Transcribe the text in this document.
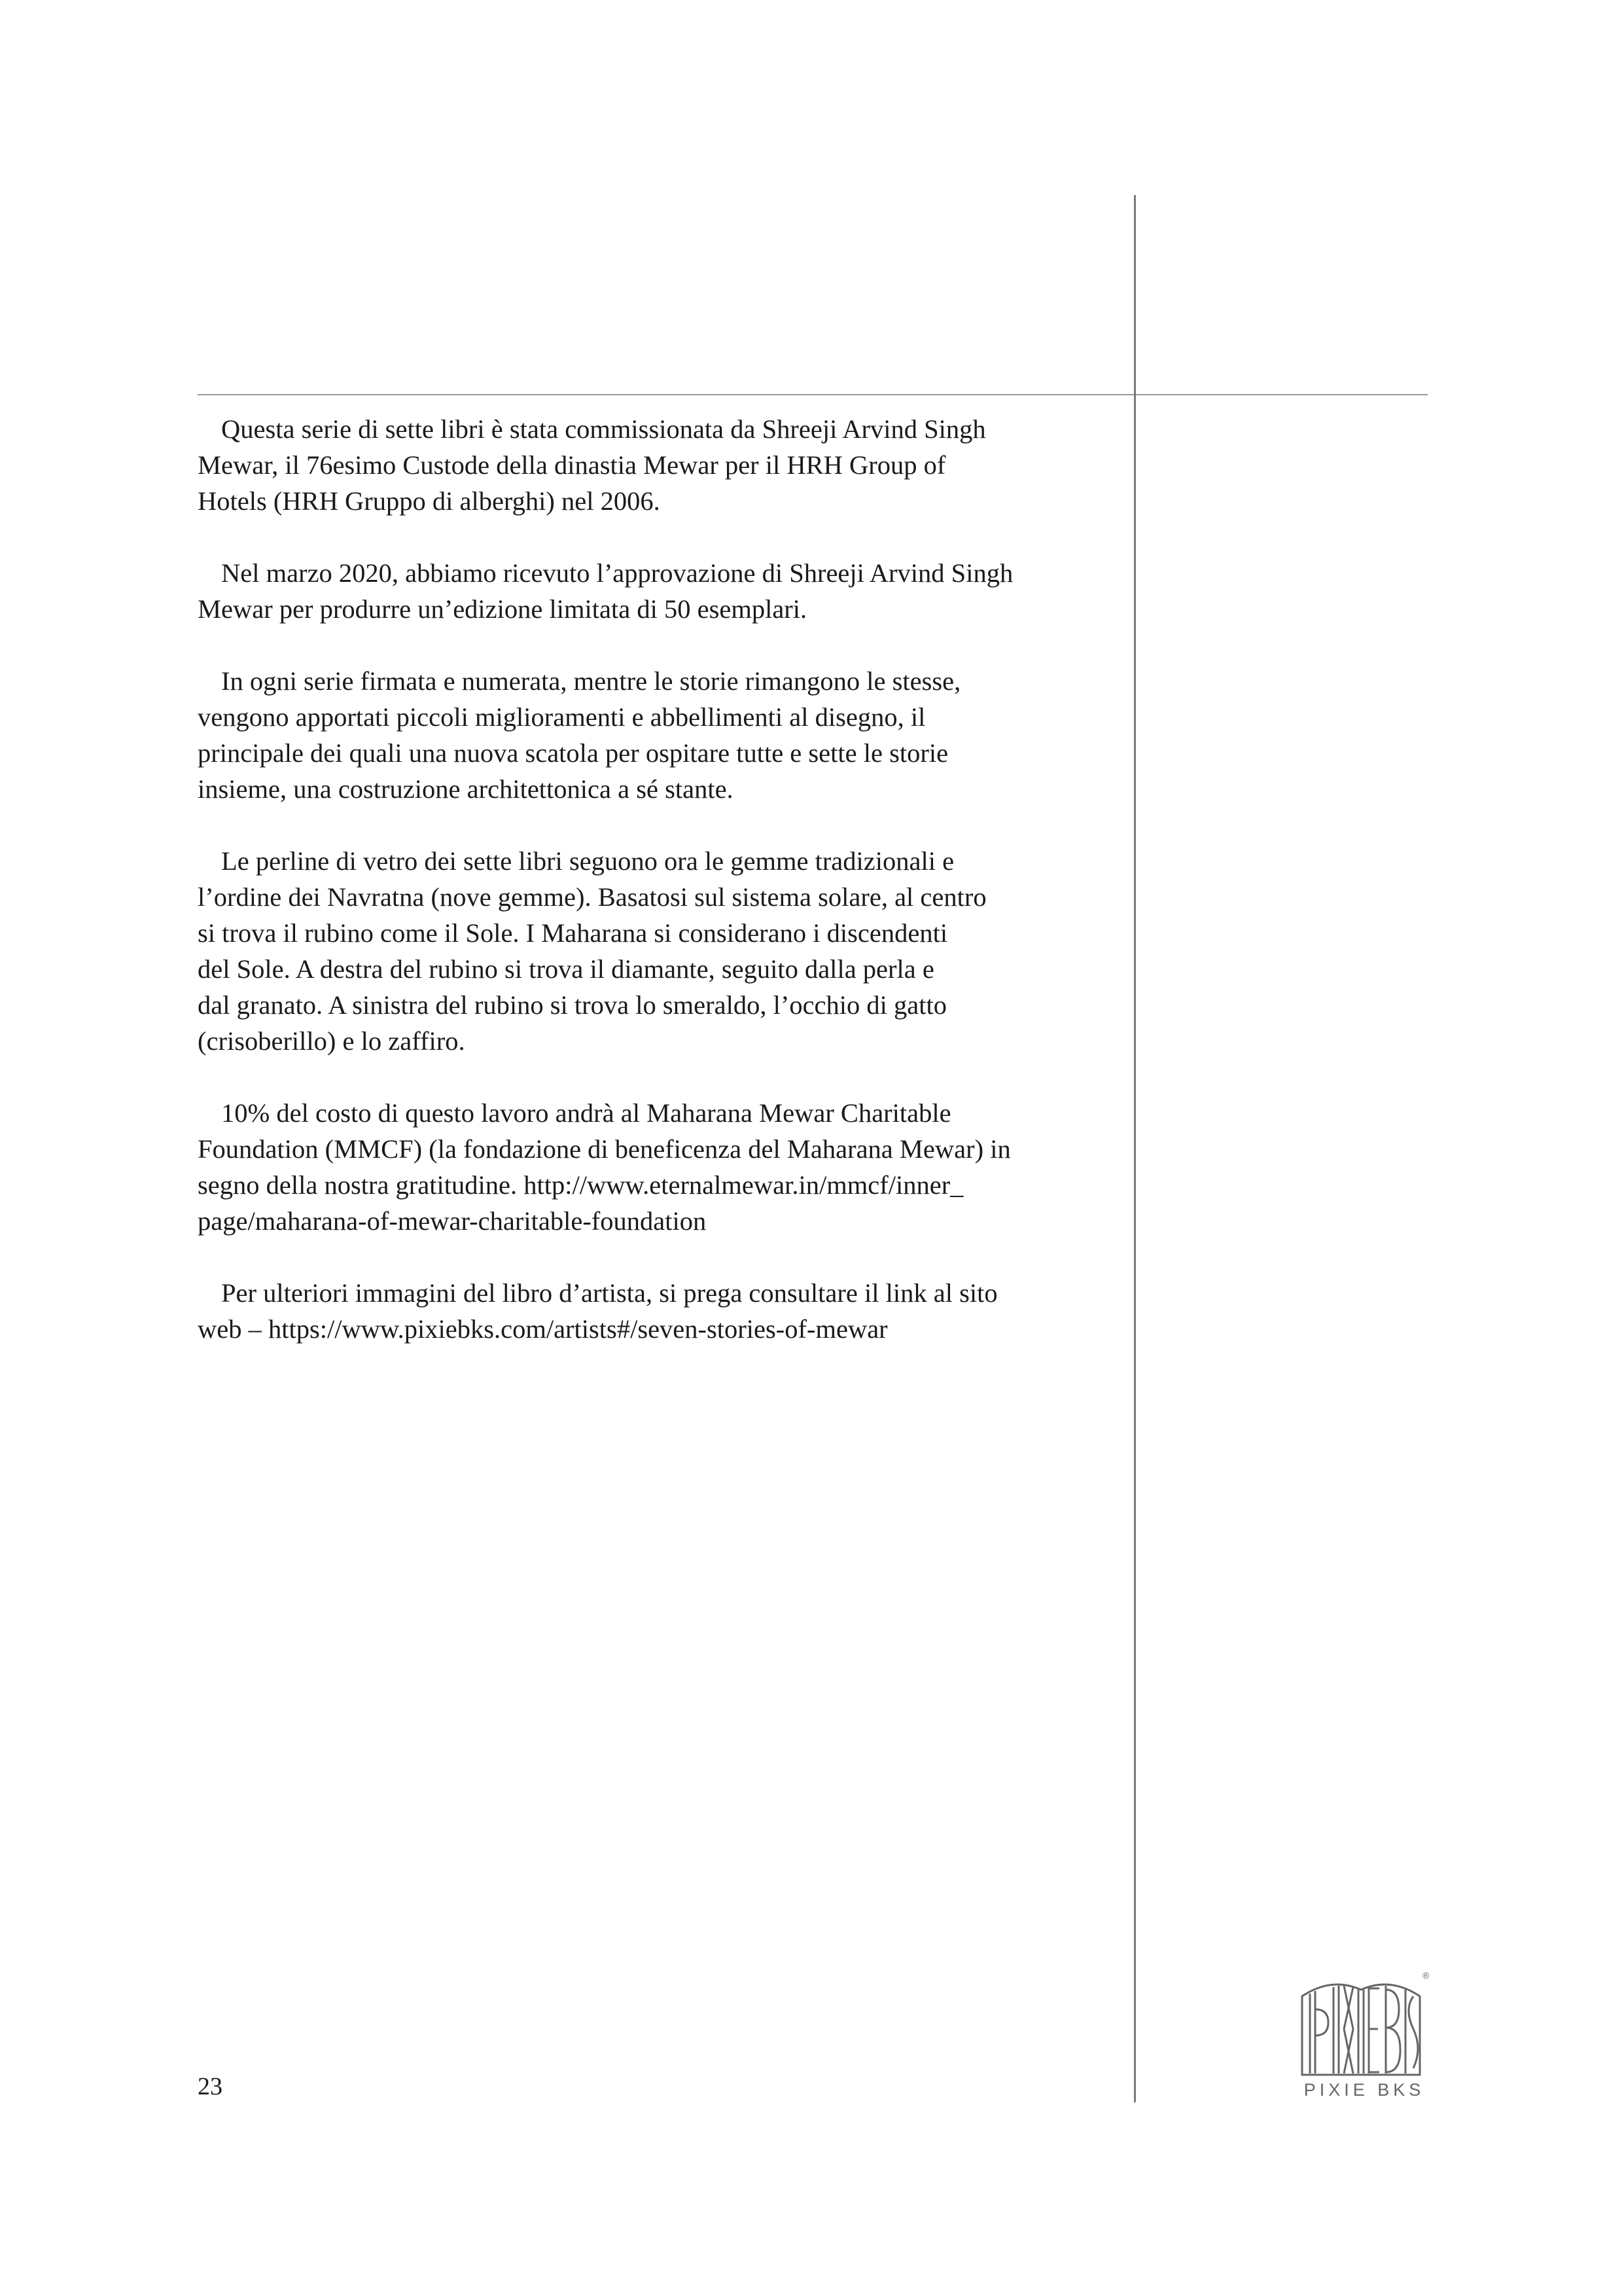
Questa serie di sette libri è stata commissionata da Shreeji Arvind Singh
Mewar, il 76esimo Custode della dinastia Mewar per il HRH Group of
Hotels (HRH Gruppo di alberghi) nel 2006.

Nel marzo 2020, abbiamo ricevuto l’approvazione di Shreeji Arvind Singh
Mewar per produrre un’edizione limitata di 50 esemplari.

In ogni serie firmata e numerata, mentre le storie rimangono le stesse,
vengono apportati piccoli miglioramenti e abbellimenti al disegno, il
principale dei quali una nuova scatola per ospitare tutte e sette le storie
insieme, una costruzione architettonica a sé stante.

Le perline di vetro dei sette libri seguono ora le gemme tradizionali e
l’ordine dei Navratna (nove gemme). Basatosi sul sistema solare, al centro
si trova il rubino come il Sole. I Maharana si considerano i discendenti
del Sole. A destra del rubino si trova il diamante, seguito dalla perla e
dal granato. A sinistra del rubino si trova lo smeraldo, l’occhio di gatto
(crisoberillo) e lo zaffiro.

10% del costo di questo lavoro andrà al Maharana Mewar Charitable
Foundation (MMCF) (la fondazione di beneficenza del Maharana Mewar) in
segno della nostra gratitudine. http://www.eternalmewar.in/mmcf/inner_
page/maharana-of-mewar-charitable-foundation

Per ulteriori immagini del libro d’artista, si prega consultare il link al sito
web – https://www.pixiebks.com/artists#/seven-stories-of-mewar

23
®
PIXIE BKS
